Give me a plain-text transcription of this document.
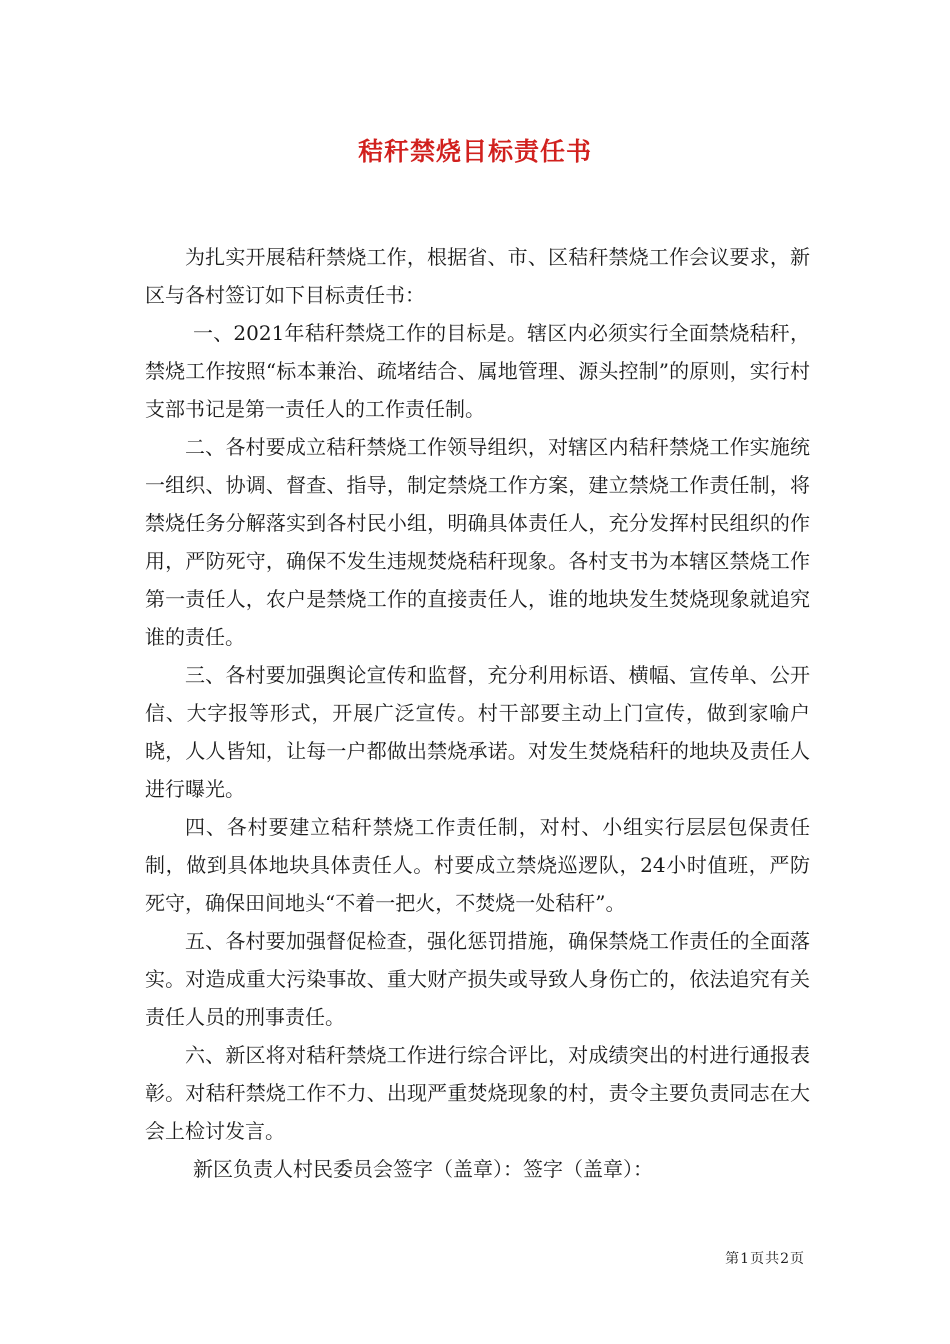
秸秆禁烧目标责任书

为扎实开展秸秆禁烧工作，根据省、市、区秸秆禁烧工作会议要求，新区与各村签订如下目标责任书：

一、2021年秸秆禁烧工作的目标是。辖区内必须实行全面禁烧秸秆，禁烧工作按照“标本兼治、疏堵结合、属地管理、源头控制”的原则，实行村支部书记是第一责任人的工作责任制。

二、各村要成立秸秆禁烧工作领导组织，对辖区内秸秆禁烧工作实施统一组织、协调、督查、指导，制定禁烧工作方案，建立禁烧工作责任制，将禁烧任务分解落实到各村民小组，明确具体责任人，充分发挥村民组织的作用，严防死守，确保不发生违规焚烧秸秆现象。各村支书为本辖区禁烧工作第一责任人，农户是禁烧工作的直接责任人，谁的地块发生焚烧现象就追究谁的责任。

三、各村要加强舆论宣传和监督，充分利用标语、横幅、宣传单、公开信、大字报等形式，开展广泛宣传。村干部要主动上门宣传，做到家喻户晓，人人皆知，让每一户都做出禁烧承诺。对发生焚烧秸秆的地块及责任人进行曝光。

四、各村要建立秸秆禁烧工作责任制，对村、小组实行层层包保责任制，做到具体地块具体责任人。村要成立禁烧巡逻队，24小时值班，严防死守，确保田间地头“不着一把火，不焚烧一处秸秆”。

五、各村要加强督促检查，强化惩罚措施，确保禁烧工作责任的全面落实。对造成重大污染事故、重大财产损失或导致人身伤亡的，依法追究有关责任人员的刑事责任。

六、新区将对秸秆禁烧工作进行综合评比，对成绩突出的村进行通报表彰。对秸秆禁烧工作不力、出现严重焚烧现象的村，责令主要负责同志在大会上检讨发言。

新区负责人村民委员会签字（盖章）：签字（盖章）：

第1页共2页
